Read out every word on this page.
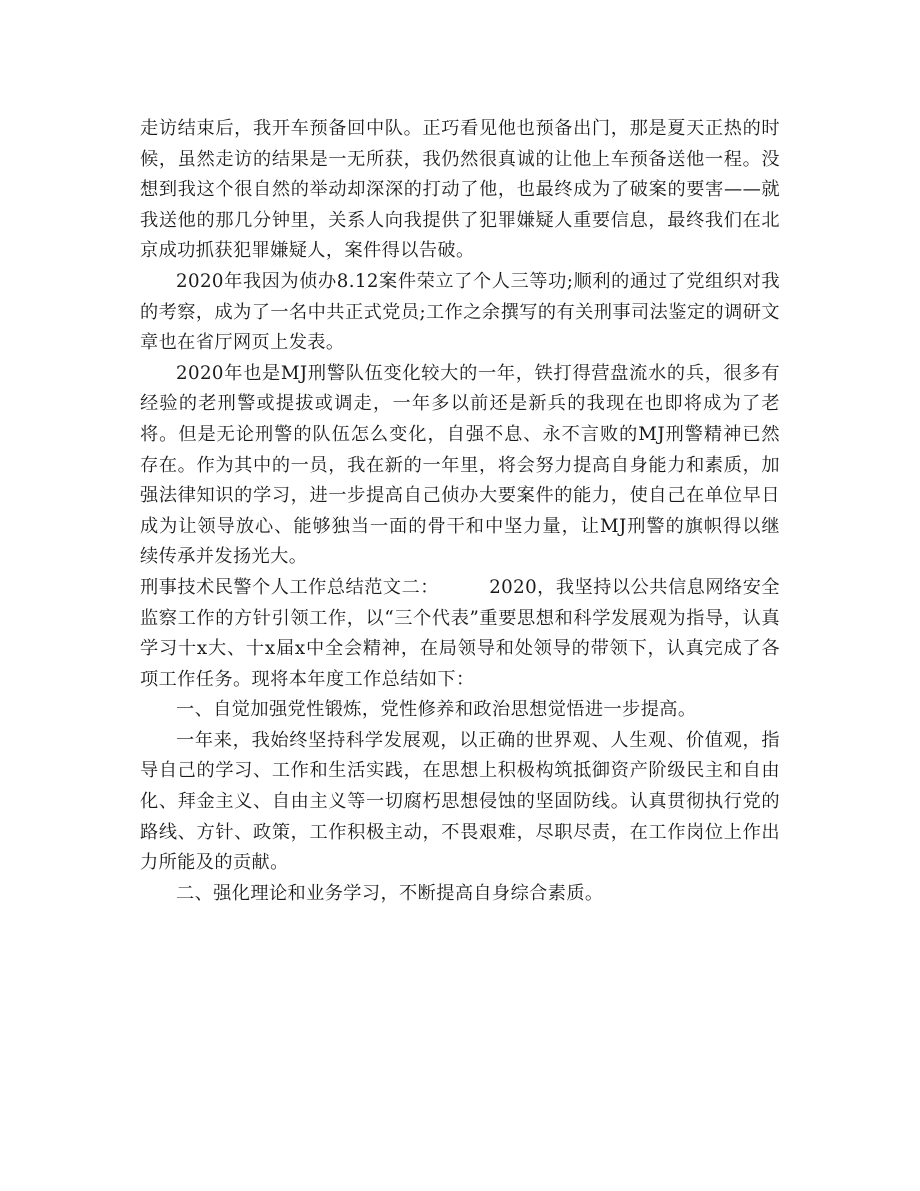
走访结束后，我开车预备回中队。正巧看见他也预备出门，那是夏天正热的时候，虽然走访的结果是一无所获，我仍然很真诚的让他上车预备送他一程。没想到我这个很自然的举动却深深的打动了他，也最终成为了破案的要害——就我送他的那几分钟里，关系人向我提供了犯罪嫌疑人重要信息，最终我们在北京成功抓获犯罪嫌疑人，案件得以告破。

2020年我因为侦办8.12案件荣立了个人三等功;顺利的通过了党组织对我的考察，成为了一名中共正式党员;工作之余撰写的有关刑事司法鉴定的调研文章也在省厅网页上发表。

2020年也是MJ刑警队伍变化较大的一年，铁打得营盘流水的兵，很多有经验的老刑警或提拔或调走，一年多以前还是新兵的我现在也即将成为了老将。但是无论刑警的队伍怎么变化，自强不息、永不言败的MJ刑警精神已然存在。作为其中的一员，我在新的一年里，将会努力提高自身能力和素质，加强法律知识的学习，进一步提高自己侦办大要案件的能力，使自己在单位早日成为让领导放心、能够独当一面的骨干和中坚力量，让MJ刑警的旗帜得以继续传承并发扬光大。

刑事技术民警个人工作总结范文二：        2020，我坚持以公共信息网络安全监察工作的方针引领工作，以“三个代表”重要思想和科学发展观为指导，认真学习十x大、十x届x中全会精神，在局领导和处领导的带领下，认真完成了各项工作任务。现将本年度工作总结如下：

一、自觉加强党性锻炼，党性修养和政治思想觉悟进一步提高。

一年来，我始终坚持科学发展观，以正确的世界观、人生观、价值观，指导自己的学习、工作和生活实践，在思想上积极构筑抵御资产阶级民主和自由化、拜金主义、自由主义等一切腐朽思想侵蚀的坚固防线。认真贯彻执行党的路线、方针、政策，工作积极主动，不畏艰难，尽职尽责，在工作岗位上作出力所能及的贡献。

二、强化理论和业务学习，不断提高自身综合素质。
